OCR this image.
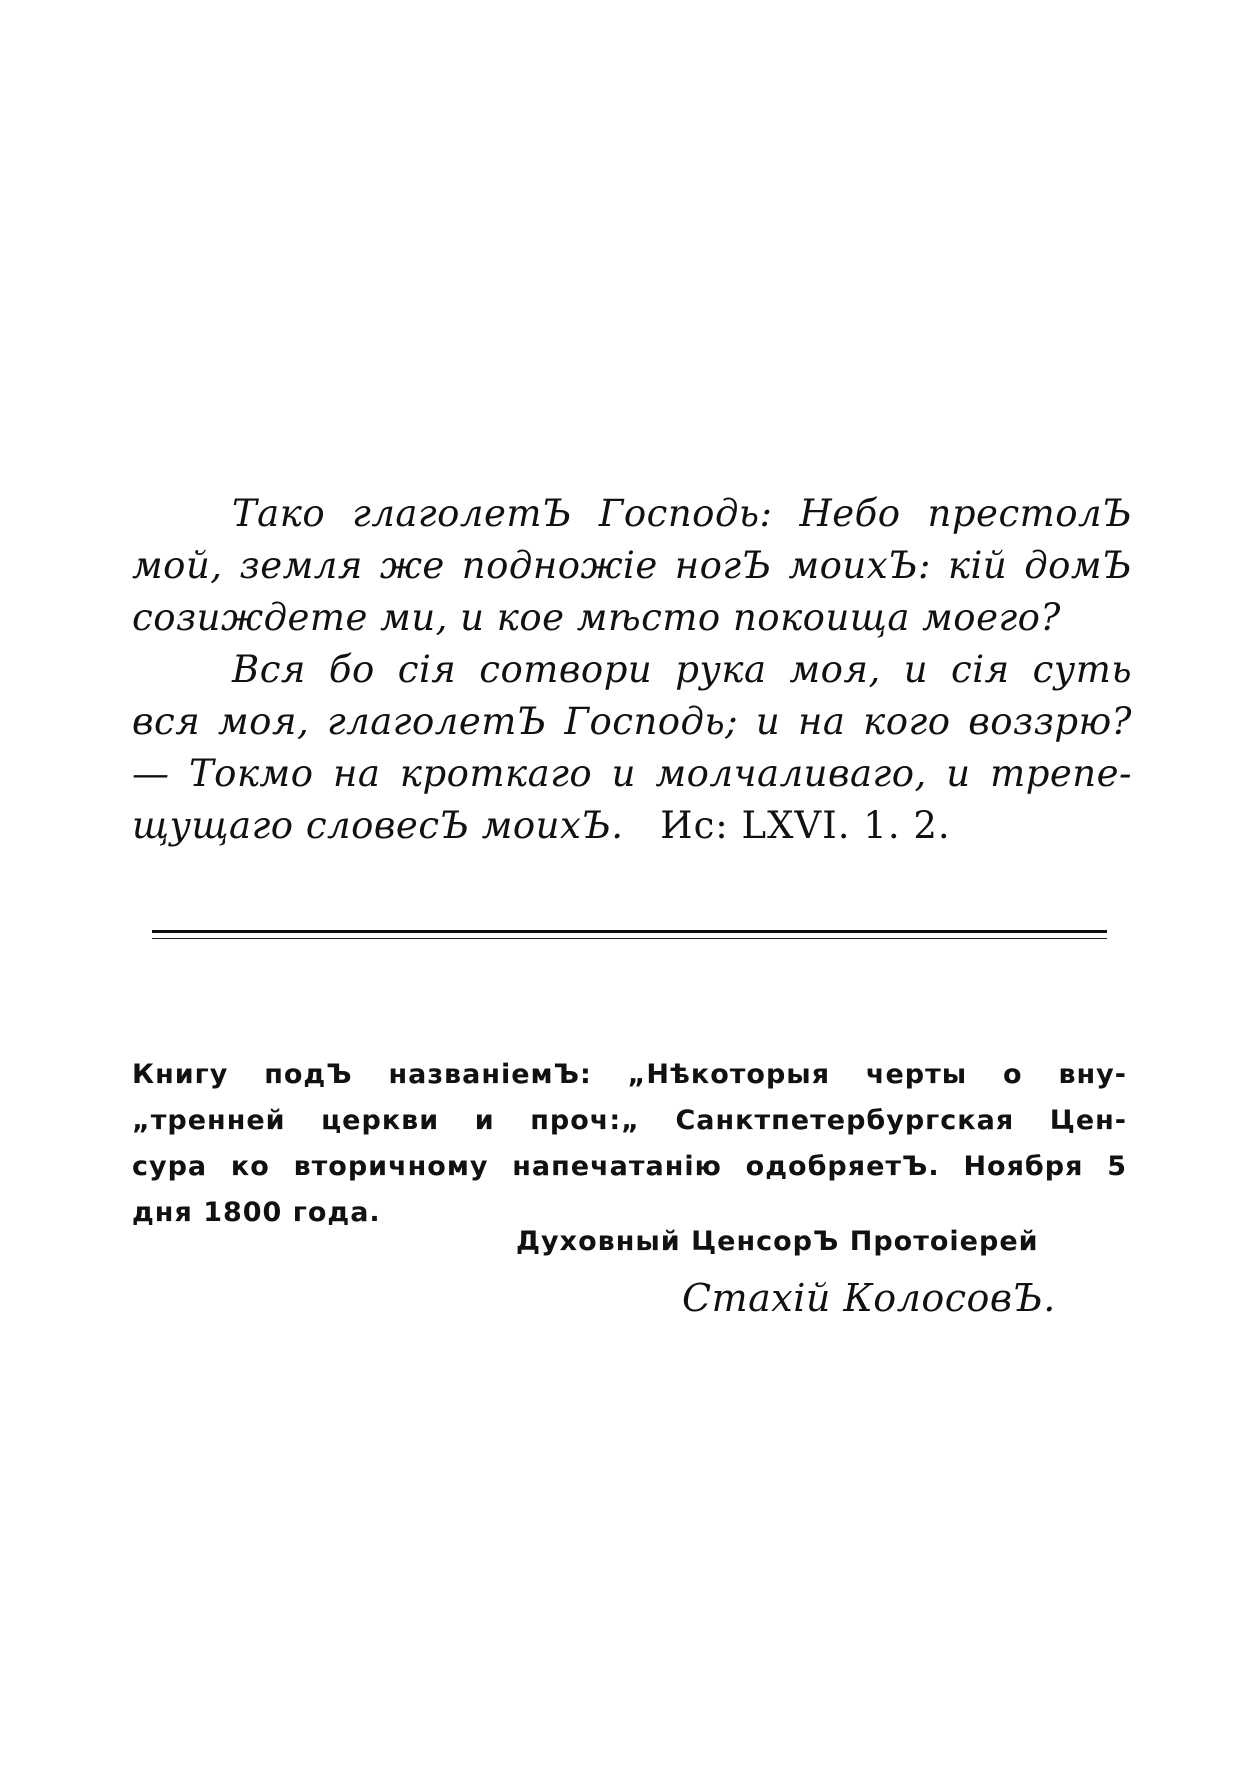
Тако глаголетЪ Господь: Небо престолЪ
мой, земля же подножіе ногЪ моихЪ: кій домЪ
созиждете ми, и кое мѣсто покоища моего?
Вся бо сія сотвори рука моя, и сія суть
вся моя, глаголетЪ Господь; и на кого воззрю?
— Токмо на кроткаго и молчаливаго, и трепе-
щущаго словесЪ моихЪ. Ис: LXVI. 1. 2.
Книгу подЪ названіемЪ: „Нѣкоторыя черты о вну-
„тренней церкви и проч:„ Санктпетербургская Цен-
сура ко вторичному напечатанію одобряетЪ. Ноября 5
дня 1800 года.
Духовный ЦенсорЪ Протоіерей
Стахій КолосовЪ.
